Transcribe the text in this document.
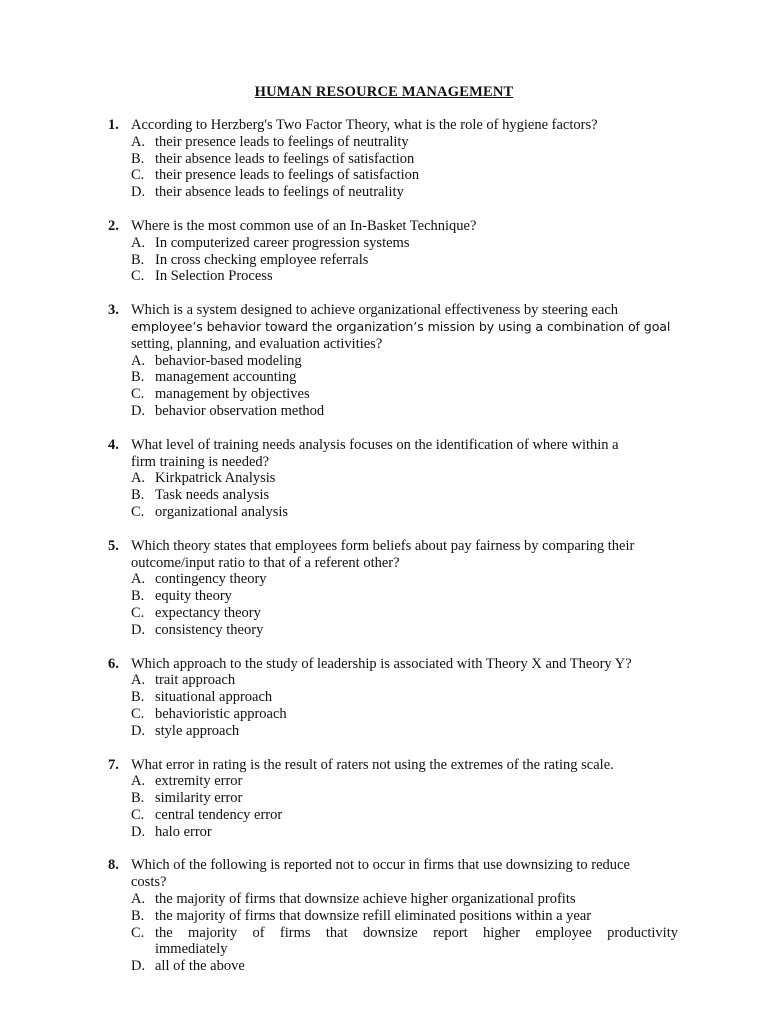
HUMAN RESOURCE MANAGEMENT
1. According to Herzberg's Two Factor Theory, what is the role of hygiene factors?
A. their presence leads to feelings of neutrality
B. their absence leads to feelings of satisfaction
C. their presence leads to feelings of satisfaction
D. their absence leads to feelings of neutrality
2. Where is the most common use of an In-Basket Technique?
A. In computerized career progression systems
B. In cross checking employee referrals
C. In Selection Process
3. Which is a system designed to achieve organizational effectiveness by steering each
employee’s behavior toward the organization’s mission by using a combination of goal
setting, planning, and evaluation activities?
A. behavior-based modeling
B. management accounting
C. management by objectives
D. behavior observation method
4. What level of training needs analysis focuses on the identification of where within a
firm training is needed?
A. Kirkpatrick Analysis
B. Task needs analysis
C. organizational analysis
5. Which theory states that employees form beliefs about pay fairness by comparing their
outcome/input ratio to that of a referent other?
A. contingency theory
B. equity theory
C. expectancy theory
D. consistency theory
6. Which approach to the study of leadership is associated with Theory X and Theory Y?
A. trait approach
B. situational approach
C. behavioristic approach
D. style approach
7. What error in rating is the result of raters not using the extremes of the rating scale.
A. extremity error
B. similarity error
C. central tendency error
D. halo error
8. Which of the following is reported not to occur in firms that use downsizing to reduce
costs?
A. the majority of firms that downsize achieve higher organizational profits
B. the majority of firms that downsize refill eliminated positions within a year
C. the majority of firms that downsize report higher employee productivity
immediately
D. all of the above
